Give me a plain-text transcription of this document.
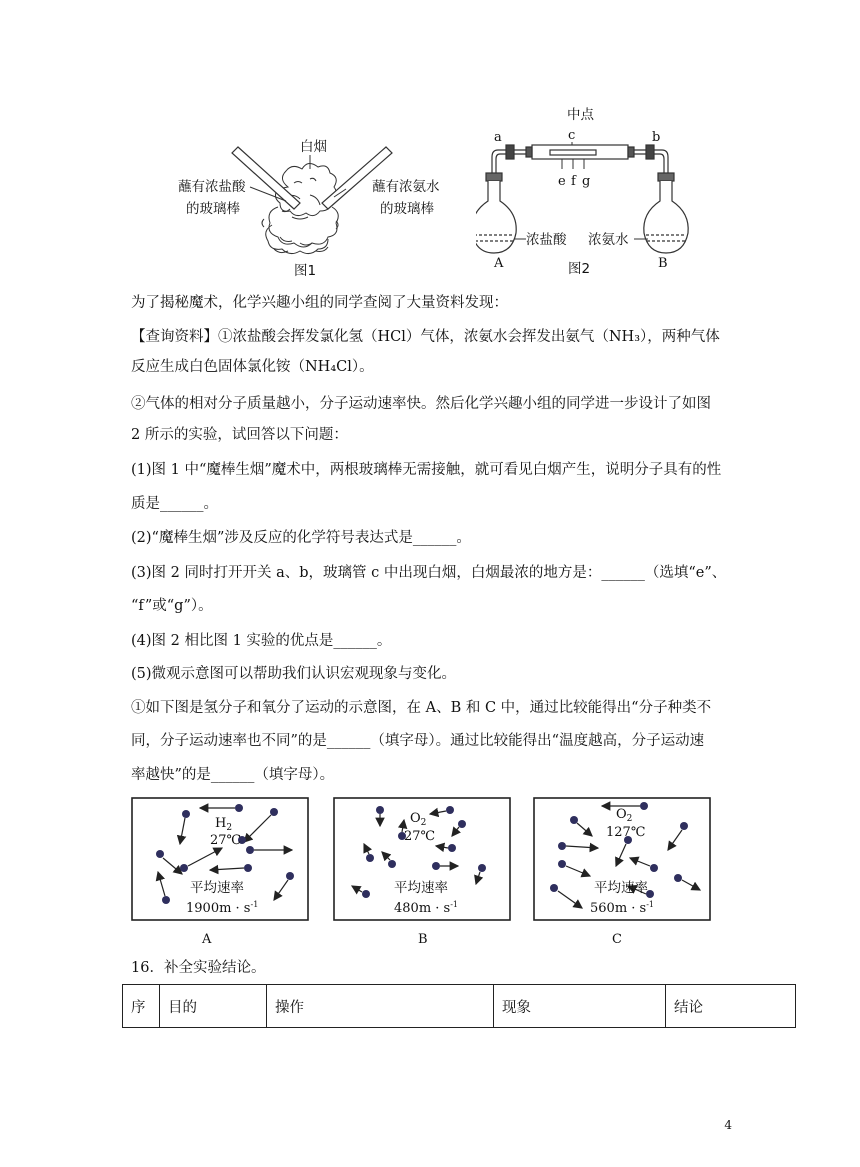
白烟
蘸有浓盐酸
的玻璃棒
蘸有浓氨水
的玻璃棒
图1
中点
a	c	b
e f g
浓盐酸 浓氨水
A	图2	B
为了揭秘魔术，化学兴趣小组的同学查阅了大量资料发现：
【查询资料】①浓盐酸会挥发氯化氢（HCl）气体，浓氨水会挥发出氨气（NH₃），两种气体
反应生成白色固体氯化铵（NH₄Cl）。
②气体的相对分子质量越小，分子运动速率快。然后化学兴趣小组的同学进一步设计了如图
2 所示的实验，试回答以下问题：
(1)图 1 中“魔棒生烟”魔术中，两根玻璃棒无需接触，就可看见白烟产生，说明分子具有的性
质是______。
(2)“魔棒生烟”涉及反应的化学符号表达式是______。
(3)图 2 同时打开开关 a、b，玻璃管 c 中出现白烟，白烟最浓的地方是：______（选填“e”、
“f”或“g”）。
(4)图 2 相比图 1 实验的优点是______。
(5)微观示意图可以帮助我们认识宏观现象与变化。
①如下图是氢分子和氧分了运动的示意图，在 A、B 和 C 中，通过比较能得出“分子种类不
同，分子运动速率也不同”的是______（填字母）。通过比较能得出“温度越高，分子运动速
率越快”的是______（填字母）。
$H_2$
27℃
平均速率
$1900m \cdot s^{-1}$
A
$O_2$
27℃
平均速率
$480m \cdot s^{-1}$
B
$O_2$
127℃
平均速率
$560m \cdot s^{-1}$
C
16．补全实验结论。
序	目的	操作	现象	结论
4
